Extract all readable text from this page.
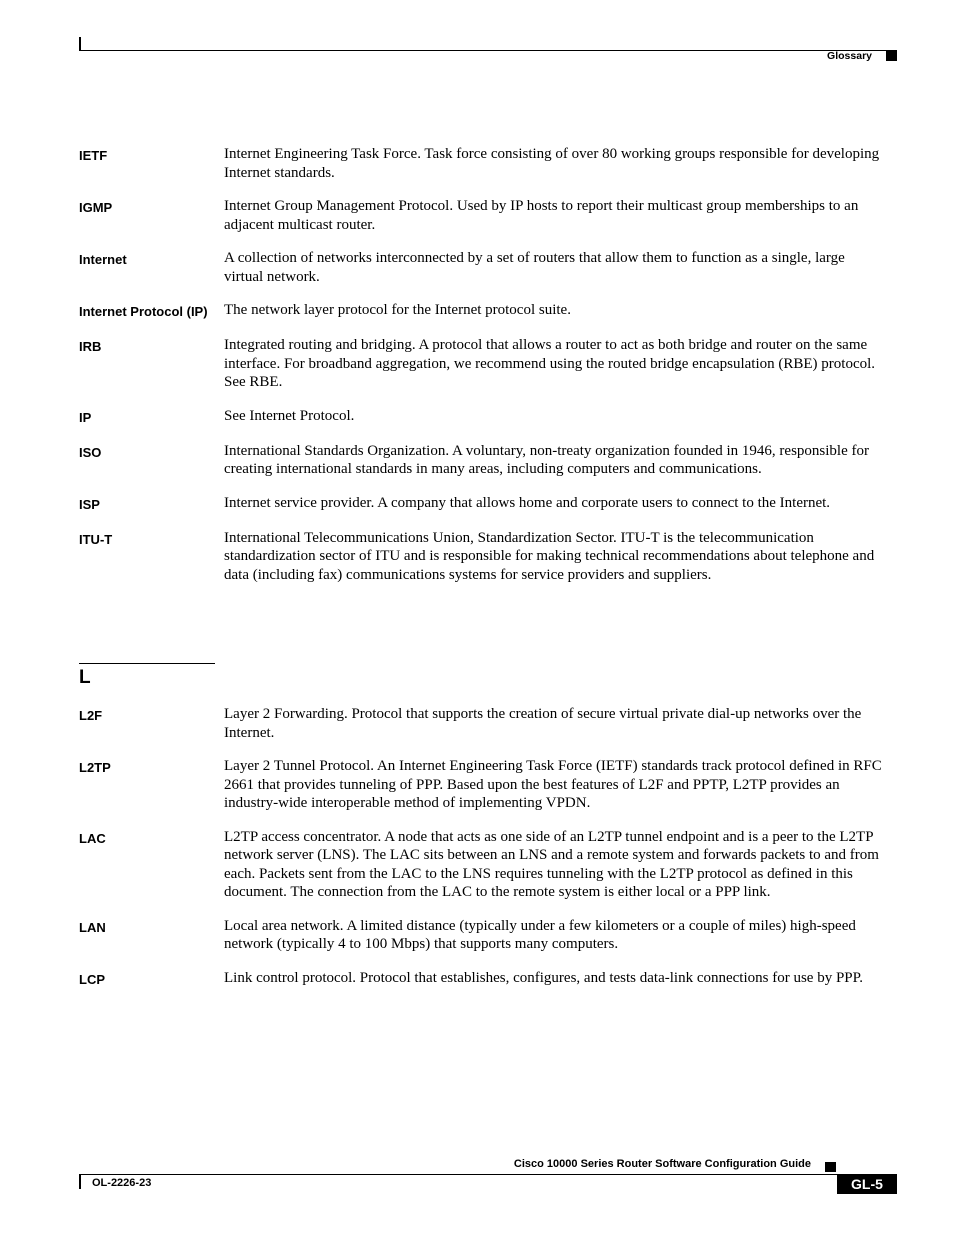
Glossary
IETF	Internet Engineering Task Force. Task force consisting of over 80 working groups responsible for developing Internet standards.
IGMP	Internet Group Management Protocol. Used by IP hosts to report their multicast group memberships to an adjacent multicast router.
Internet	A collection of networks interconnected by a set of routers that allow them to function as a single, large virtual network.
Internet Protocol (IP)	The network layer protocol for the Internet protocol suite.
IRB	Integrated routing and bridging. A protocol that allows a router to act as both bridge and router on the same interface. For broadband aggregation, we recommend using the routed bridge encapsulation (RBE) protocol. See RBE.
IP	See Internet Protocol.
ISO	International Standards Organization. A voluntary, non-treaty organization founded in 1946, responsible for creating international standards in many areas, including computers and communications.
ISP	Internet service provider. A company that allows home and corporate users to connect to the Internet.
ITU-T	International Telecommunications Union, Standardization Sector. ITU-T is the telecommunication standardization sector of ITU and is responsible for making technical recommendations about telephone and data (including fax) communications systems for service providers and suppliers.
L
L2F	Layer 2 Forwarding. Protocol that supports the creation of secure virtual private dial-up networks over the Internet.
L2TP	Layer 2 Tunnel Protocol. An Internet Engineering Task Force (IETF) standards track protocol defined in RFC 2661 that provides tunneling of PPP. Based upon the best features of L2F and PPTP, L2TP provides an industry-wide interoperable method of implementing VPDN.
LAC	L2TP access concentrator. A node that acts as one side of an L2TP tunnel endpoint and is a peer to the L2TP network server (LNS). The LAC sits between an LNS and a remote system and forwards packets to and from each. Packets sent from the LAC to the LNS requires tunneling with the L2TP protocol as defined in this document. The connection from the LAC to the remote system is either local or a PPP link.
LAN	Local area network. A limited distance (typically under a few kilometers or a couple of miles) high-speed network (typically 4 to 100 Mbps) that supports many computers.
LCP	Link control protocol. Protocol that establishes, configures, and tests data-link connections for use by PPP.
Cisco 10000 Series Router Software Configuration Guide
OL-2226-23	GL-5
